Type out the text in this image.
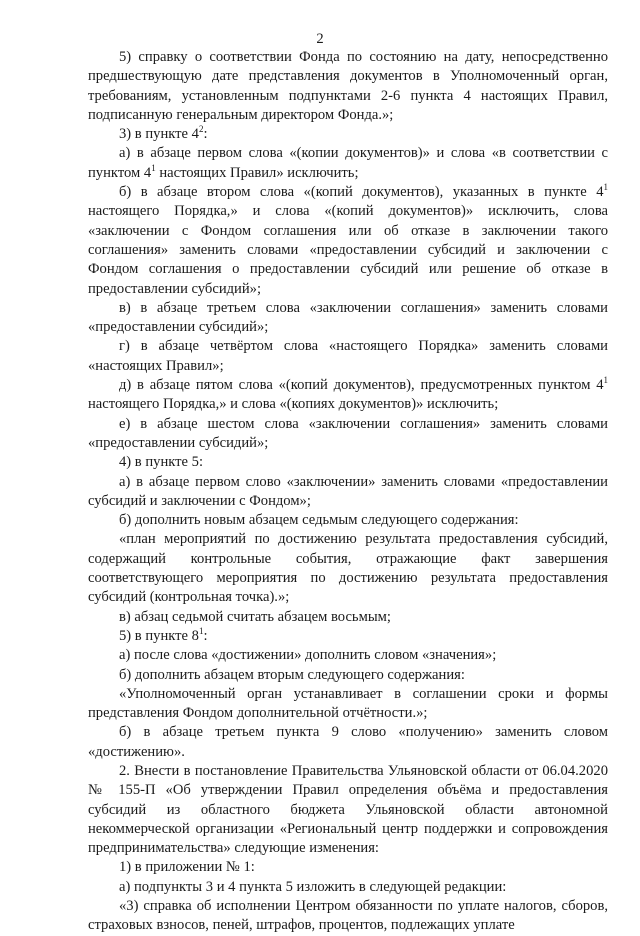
2

5) справку о соответствии Фонда по состоянию на дату, непосредственно предшествующую дате представления документов в Уполномоченный орган, требованиям, установленным подпунктами 2-6 пункта 4 настоящих Правил, подписанную генеральным директором Фонда.»;

3) в пункте $4^2$:

а) в абзаце первом слова «(копии документов)» и слова «в соответствии с пунктом $4^1$ настоящих Правил» исключить;

б) в абзаце втором слова «(копий документов), указанных в пункте $4^1$ настоящего Порядка,» и слова «(копий документов)» исключить, слова «заключении с Фондом соглашения или об отказе в заключении такого соглашения» заменить словами «предоставлении субсидий и заключении с Фондом соглашения о предоставлении субсидий или решение об отказе в предоставлении субсидий»;

в) в абзаце третьем слова «заключении соглашения» заменить словами «предоставлении субсидий»;

г) в абзаце четвёртом слова «настоящего Порядка» заменить словами «настоящих Правил»;

д) в абзаце пятом слова «(копий документов), предусмотренных пунктом $4^1$ настоящего Порядка,» и слова «(копиях документов)» исключить;

е) в абзаце шестом слова «заключении соглашения» заменить словами «предоставлении субсидий»;

4) в пункте 5:

а) в абзаце первом слово «заключении» заменить словами «предоставлении субсидий и заключении с Фондом»;

б) дополнить новым абзацем седьмым следующего содержания:

«план мероприятий по достижению результата предоставления субсидий, содержащий контрольные события, отражающие факт завершения соответствующего мероприятия по достижению результата предоставления субсидий (контрольная точка).»;

в) абзац седьмой считать абзацем восьмым;

5) в пункте $8^1$:

а) после слова «достижении» дополнить словом «значения»;

б) дополнить абзацем вторым следующего содержания:

«Уполномоченный орган устанавливает в соглашении сроки и формы представления Фондом дополнительной отчётности.»;

б) в абзаце третьем пункта 9 слово «получению» заменить словом «достижению».

2. Внести в постановление Правительства Ульяновской области от 06.04.2020 № 155-П «Об утверждении Правил определения объёма и предоставления субсидий из областного бюджета Ульяновской области автономной некоммерческой организации «Региональный центр поддержки и сопровождения предпринимательства» следующие изменения:

1) в приложении № 1:

а) подпункты 3 и 4 пункта 5 изложить в следующей редакции:

«3) справка об исполнении Центром обязанности по уплате налогов, сборов, страховых взносов, пеней, штрафов, процентов, подлежащих уплате
